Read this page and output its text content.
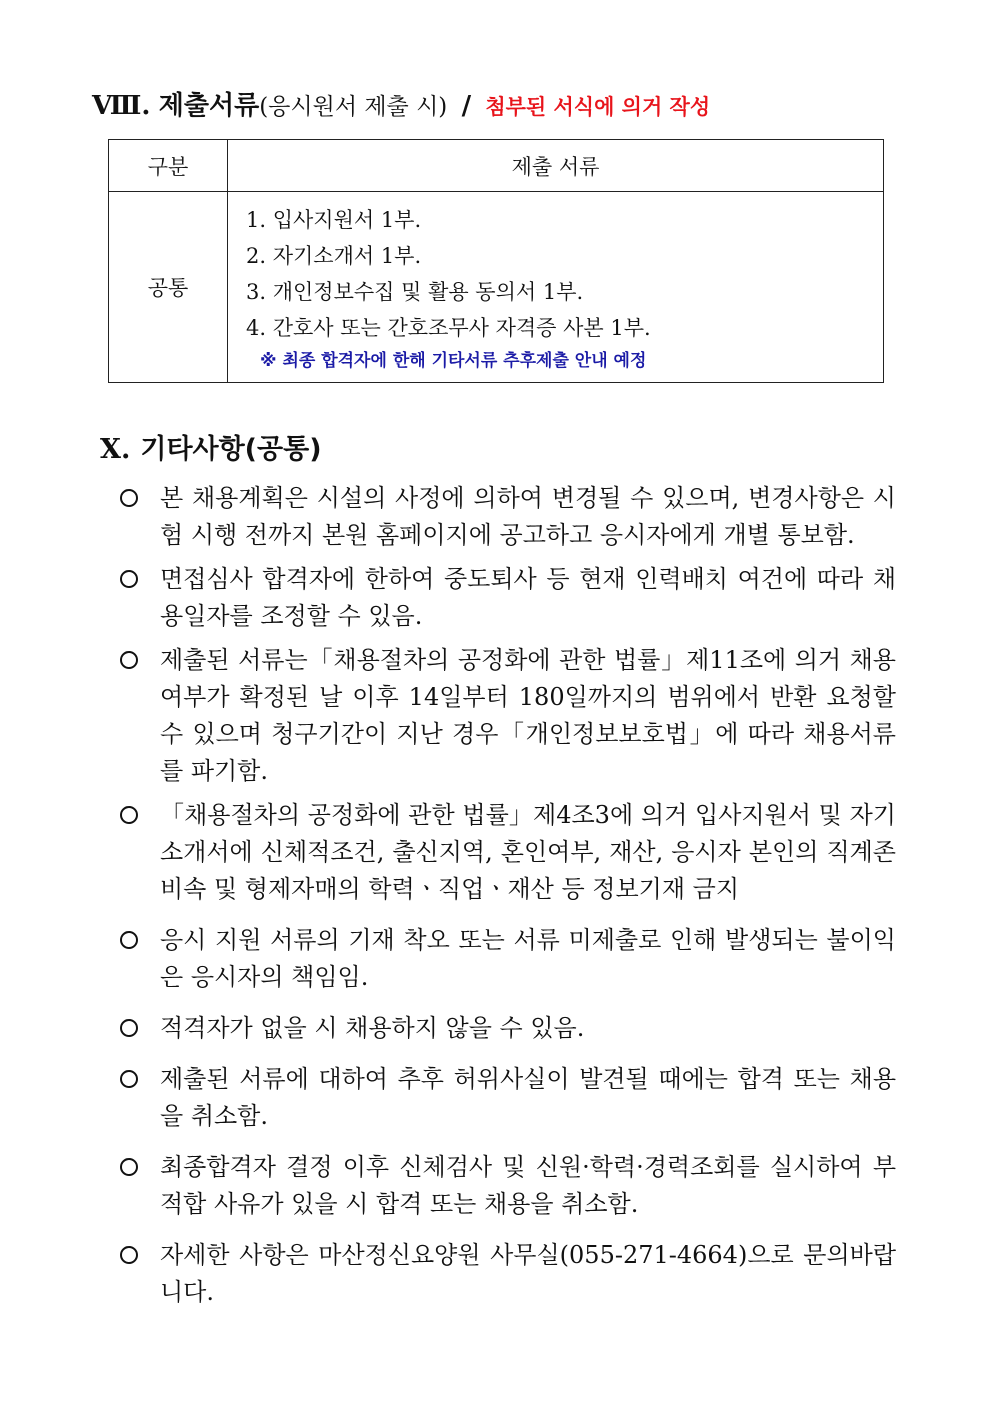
Ⅷ. 제출서류(응시원서 제출 시) / 첨부된 서식에 의거 작성
구분	제출 서류
공통	1. 입사지원서 1부.
2. 자기소개서 1부.
3. 개인정보수집 및 활용 동의서 1부.
4. 간호사 또는 간호조무사 자격증 사본 1부.
※ 최종 합격자에 한해 기타서류 추후제출 안내 예정
Ⅹ. 기타사항(공통)
본 채용계획은 시설의 사정에 의하여 변경될 수 있으며, 변경사항은 시험 시행 전까지 본원 홈페이지에 공고하고 응시자에게 개별 통보함.
면접심사 합격자에 한하여 중도퇴사 등 현재 인력배치 여건에 따라 채용일자를 조정할 수 있음.
제출된 서류는「채용절차의 공정화에 관한 법률」제11조에 의거 채용여부가 확정된 날 이후 14일부터 180일까지의 범위에서 반환 요청할 수 있으며 청구기간이 지난 경우「개인정보보호법」에 따라 채용서류를 파기함.
「채용절차의 공정화에 관한 법률」제4조3에 의거 입사지원서 및 자기소개서에 신체적조건, 출신지역, 혼인여부, 재산, 응시자 본인의 직계존비속 및 형제자매의 학력ㆍ직업ㆍ재산 등 정보기재 금지
응시 지원 서류의 기재 착오 또는 서류 미제출로 인해 발생되는 불이익은 응시자의 책임임.
적격자가 없을 시 채용하지 않을 수 있음.
제출된 서류에 대하여 추후 허위사실이 발견될 때에는 합격 또는 채용을 취소함.
최종합격자 결정 이후 신체검사 및 신원·학력·경력조회를 실시하여 부적합 사유가 있을 시 합격 또는 채용을 취소함.
자세한 사항은 마산정신요양원 사무실(055-271-4664)으로 문의바랍니다.
